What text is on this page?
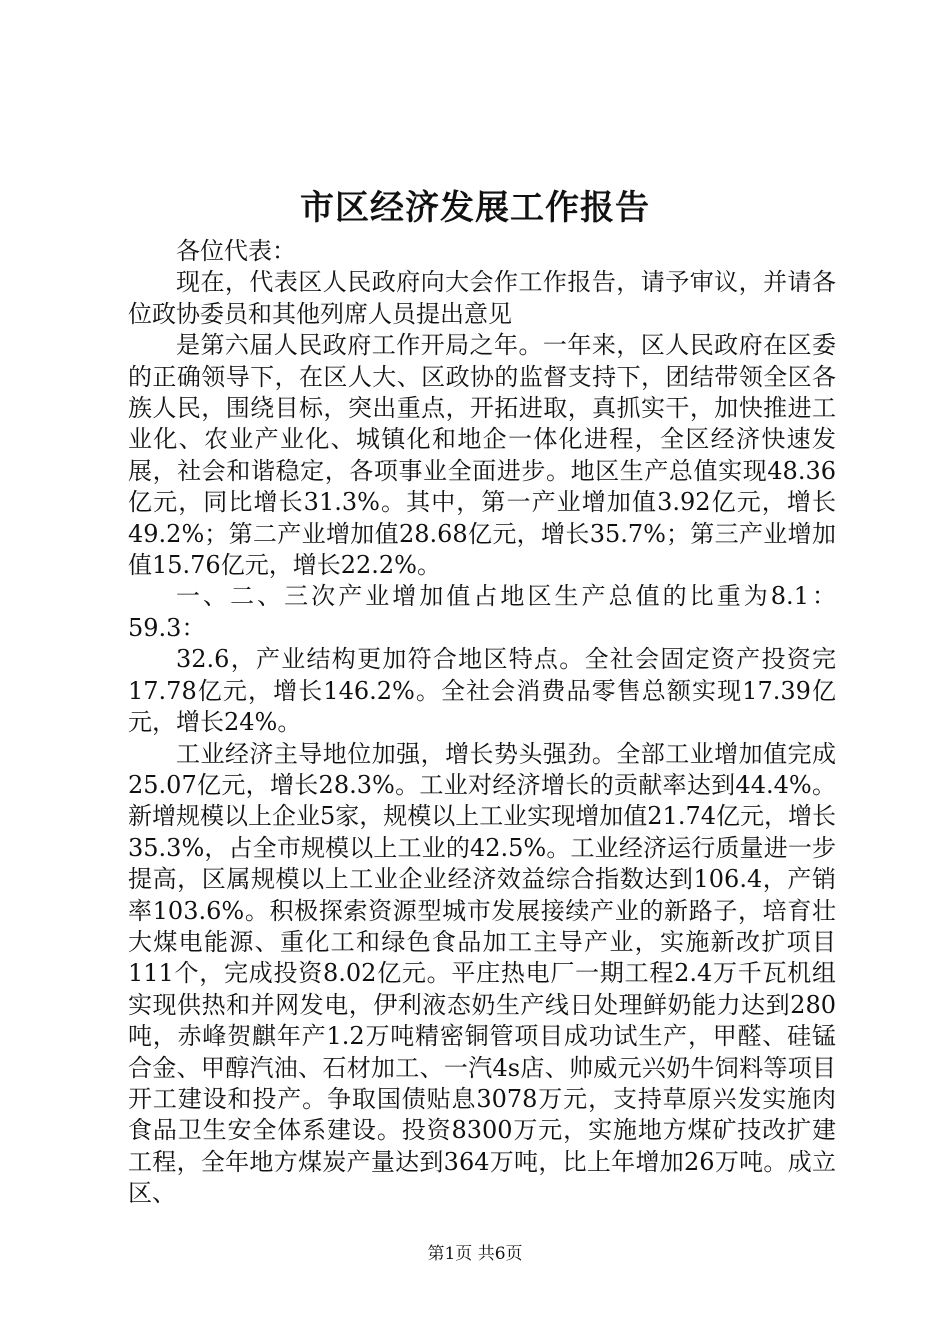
市区经济发展工作报告

各位代表：

现在，代表区人民政府向大会作工作报告，请予审议，并请各位政协委员和其他列席人员提出意见

是第六届人民政府工作开局之年。一年来，区人民政府在区委的正确领导下，在区人大、区政协的监督支持下，团结带领全区各族人民，围绕目标，突出重点，开拓进取，真抓实干，加快推进工业化、农业产业化、城镇化和地企一体化进程，全区经济快速发展，社会和谐稳定，各项事业全面进步。地区生产总值实现48.36亿元，同比增长31.3%。其中，第一产业增加值3.92亿元，增长49.2%；第二产业增加值28.68亿元，增长35.7%；第三产业增加值15.76亿元，增长22.2%。

一、二、三次产业增加值占地区生产总值的比重为8.1：59.3：

32.6，产业结构更加符合地区特点。全社会固定资产投资完17.78亿元，增长146.2%。全社会消费品零售总额实现17.39亿元，增长24%。

工业经济主导地位加强，增长势头强劲。全部工业增加值完成25.07亿元，增长28.3%。工业对经济增长的贡献率达到44.4%。新增规模以上企业5家，规模以上工业实现增加值21.74亿元，增长35.3%，占全市规模以上工业的42.5%。工业经济运行质量进一步提高，区属规模以上工业企业经济效益综合指数达到106.4，产销率103.6%。积极探索资源型城市发展接续产业的新路子，培育壮大煤电能源、重化工和绿色食品加工主导产业，实施新改扩项目111个，完成投资8.02亿元。平庄热电厂一期工程2.4万千瓦机组实现供热和并网发电，伊利液态奶生产线日处理鲜奶能力达到280吨，赤峰贺麒年产1.2万吨精密铜管项目成功试生产，甲醛、硅锰合金、甲醇汽油、石材加工、一汽4s店、帅威元兴奶牛饲料等项目开工建设和投产。争取国债贴息3078万元，支持草原兴发实施肉食品卫生安全体系建设。投资8300万元，实施地方煤矿技改扩建工程，全年地方煤炭产量达到364万吨，比上年增加26万吨。成立区、

第1页 共6页
